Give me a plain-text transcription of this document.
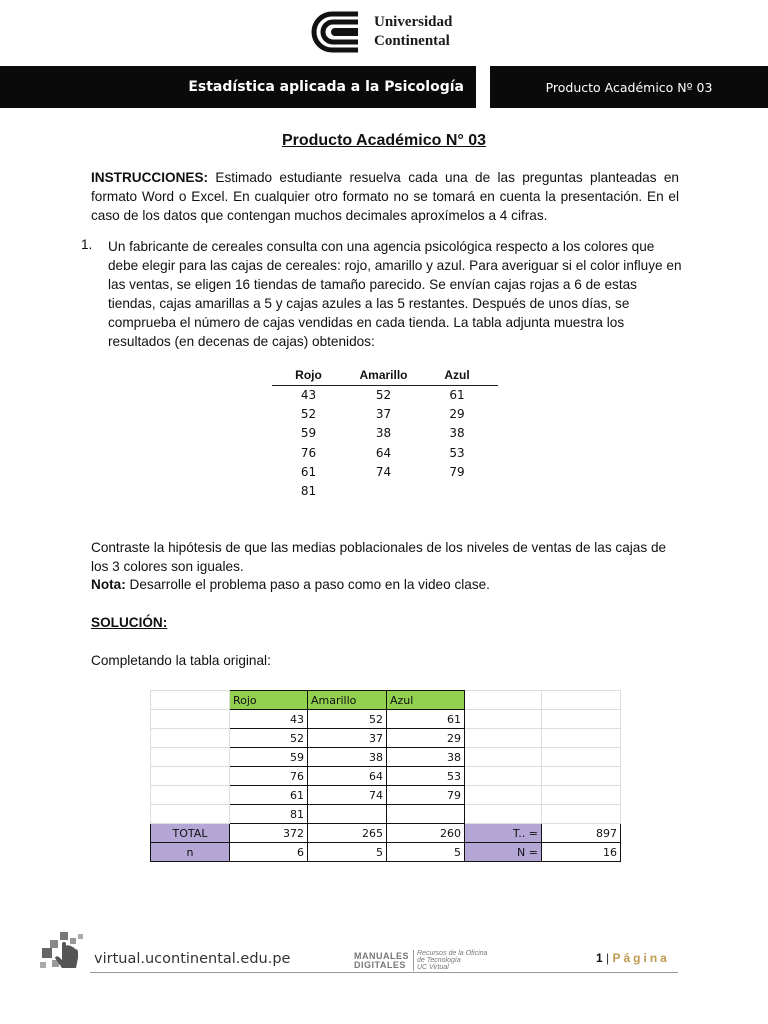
Universidad
Continental
Estadística aplicada a la Psicología	Producto Académico Nº 03
Producto Académico N° 03
INSTRUCCIONES: Estimado estudiante resuelva cada una de las preguntas planteadas en formato Word o Excel. En cualquier otro formato no se tomará en cuenta la presentación. En el caso de los datos que contengan muchos decimales aproxímelos a 4 cifras.
1. Un fabricante de cereales consulta con una agencia psicológica respecto a los colores que debe elegir para las cajas de cereales: rojo, amarillo y azul. Para averiguar si el color influye en las ventas, se eligen 16 tiendas de tamaño parecido. Se envían cajas rojas a 6 de estas tiendas, cajas amarillas a 5 y cajas azules a las 5 restantes. Después de unos días, se comprueba el número de cajas vendidas en cada tienda. La tabla adjunta muestra los resultados (en decenas de cajas) obtenidos:
Rojo	Amarillo	Azul
43	52	61
52	37	29
59	38	38
76	64	53
61	74	79
81
Contraste la hipótesis de que las medias poblacionales de los niveles de ventas de las cajas de los 3 colores son iguales.
Nota: Desarrolle el problema paso a paso como en la video clase.
SOLUCIÓN:
Completando la tabla original:
	Rojo	Amarillo	Azul		
	43	52	61		
	52	37	29		
	59	38	38		
	76	64	53		
	61	74	79		
	81				
TOTAL	372	265	260	T.. =	897
n	6	5	5	N =	16
virtual.ucontinental.edu.pe	MANUALES
DIGITALES
Recursos de la Oficina
de Tecnología
UC Virtual
1 | Página
